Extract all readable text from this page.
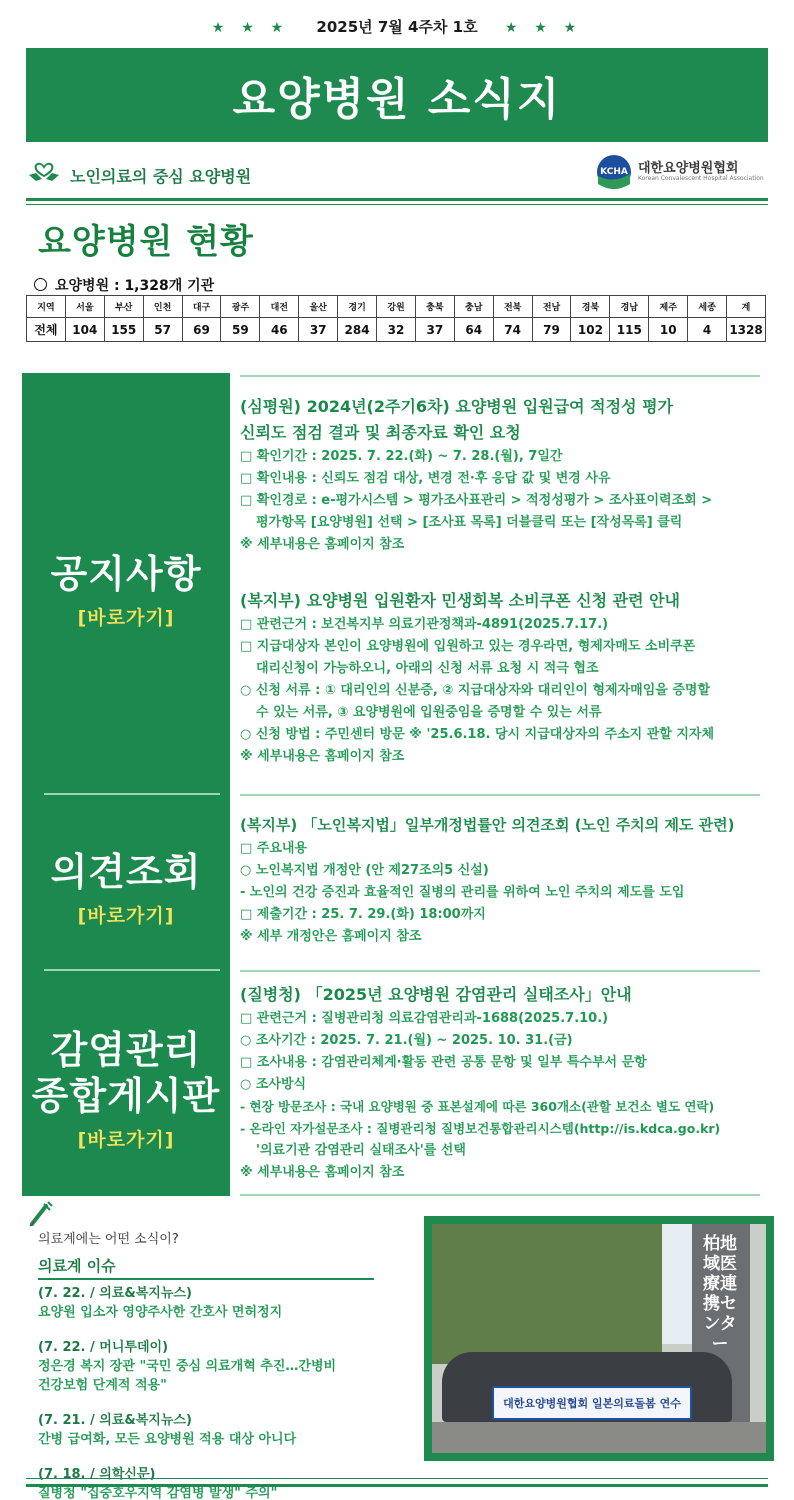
★ ★ ★ 2025년 7월 4주차 1호 ★ ★ ★
요양병원 소식지
노인의료의 중심 요양병원	KCHA 대한요양병원협회
Korean Convalescent Hospital Association
요양병원 현황
요양병원 : 1,328개 기관
지역	서울	부산	인천	대구	광주	대전	울산	경기	강원	충북	충남	전북	전남	경북	경남	제주	세종	계
전체	104	155	57	69	59	46	37	284	32	37	64	74	79	102	115	10	4	1328
공지사항
[바로가기]
의견조회
[바로가기]
감염관리
종합게시판
[바로가기]
(심평원) 2024년(2주기6차) 요양병원 입원급여 적정성 평가
신뢰도 점검 결과 및 최종자료 확인 요청
□ 확인기간 : 2025. 7. 22.(화) ~ 7. 28.(월), 7일간
□ 확인내용 : 신뢰도 점검 대상, 변경 전·후 응답 값 및 변경 사유
□ 확인경로 : e-평가시스템 > 평가조사표관리 > 적정성평가 > 조사표이력조회 >
평가항목 [요양병원] 선택 > [조사표 목록] 더블클릭 또는 [작성목록] 클릭
※ 세부내용은 홈페이지 참조
(복지부) 요양병원 입원환자 민생회복 소비쿠폰 신청 관련 안내
□ 관련근거 : 보건복지부 의료기관정책과-4891(2025.7.17.)
□ 지급대상자 본인이 요양병원에 입원하고 있는 경우라면, 형제자매도 소비쿠폰
대리신청이 가능하오니, 아래의 신청 서류 요청 시 적극 협조
○ 신청 서류 : ① 대리인의 신분증, ② 지급대상자와 대리인이 형제자매임을 증명할
수 있는 서류, ③ 요양병원에 입원중임을 증명할 수 있는 서류
○ 신청 방법 : 주민센터 방문 ※ '25.6.18. 당시 지급대상자의 주소지 관할 지자체
※ 세부내용은 홈페이지 참조
(복지부) 「노인복지법」일부개정법률안 의견조회 (노인 주치의 제도 관련)
□ 주요내용
○ 노인복지법 개정안 (안 제27조의5 신설)
- 노인의 건강 증진과 효율적인 질병의 관리를 위하여 노인 주치의 제도를 도입
□ 제출기간 : 25. 7. 29.(화) 18:00까지
※ 세부 개정안은 홈페이지 참조
(질병청) 「2025년 요양병원 감염관리 실태조사」안내
□ 관련근거 : 질병관리청 의료감염관리과-1688(2025.7.10.)
○ 조사기간 : 2025. 7. 21.(월) ~ 2025. 10. 31.(금)
□ 조사내용 : 감염관리체계·활동 관련 공통 문항 및 일부 특수부서 문항
○ 조사방식
- 현장 방문조사 : 국내 요양병원 중 표본설계에 따른 360개소(관할 보건소 별도 연락)
- 온라인 자가설문조사 : 질병관리청 질병보건통합관리시스템(http://is.kdca.go.kr)
'의료기관 감염관리 실태조사'를 선택
※ 세부내용은 홈페이지 참조
의료계에는 어떤 소식이?
의료계 이슈
(7. 22. / 의료&복지뉴스)
요양원 입소자 영양주사한 간호사 면허정지
(7. 22. / 머니투데이)
정은경 복지 장관 "국민 중심 의료개혁 추진…간병비
건강보험 단계적 적용"
(7. 21. / 의료&복지뉴스)
간병 급여화, 모든 요양병원 적용 대상 아니다
(7. 18. / 의학신문)
질병청 "집중호우지역 감염병 발생" 주의"
柏地域医療連携センター
대한요양병원협회 일본의료돌봄 연수
